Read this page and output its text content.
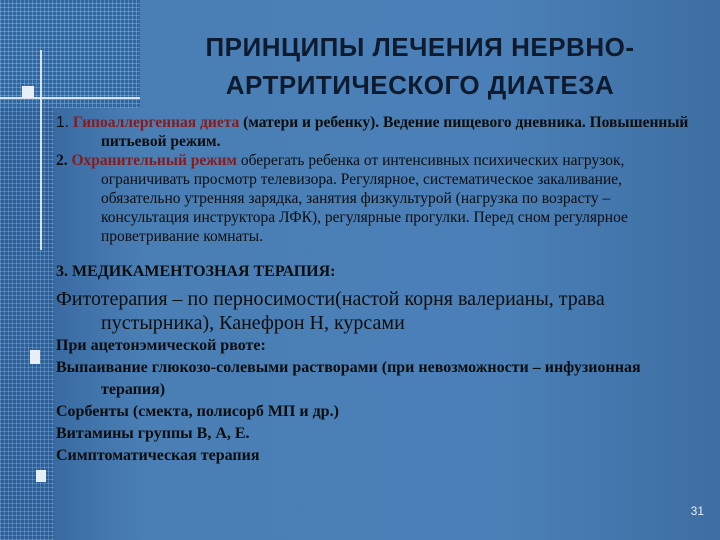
ПРИНЦИПЫ ЛЕЧЕНИЯ НЕРВНО-
АРТРИТИЧЕСКОГО ДИАТЕЗА

1. Гипоаллергенная диета (матери и ребенку). Ведение пищевого дневника. Повышенный питьевой режим.

2. Охранительный режим оберегать ребенка от интенсивных психических нагрузок, ограничивать просмотр телевизора. Регулярное, систематическое закаливание, обязательно утренняя зарядка, занятия физкультурой (нагрузка по возрасту – консультация инструктора ЛФК), регулярные прогулки. Перед сном регулярное проветривание комнаты.

3. МЕДИКАМЕНТОЗНАЯ ТЕРАПИЯ:

Фитотерапия – по перносимости(настой корня валерианы, трава пустырника), Канефрон Н, курсами

При ацетонэмической рвоте:

Выпаивание глюкозо-солевыми растворами (при невозможности – инфузионная терапия)

Сорбенты (смекта, полисорб МП и др.)

Витамины группы В, А, Е.

Симптоматическая терапия

31
